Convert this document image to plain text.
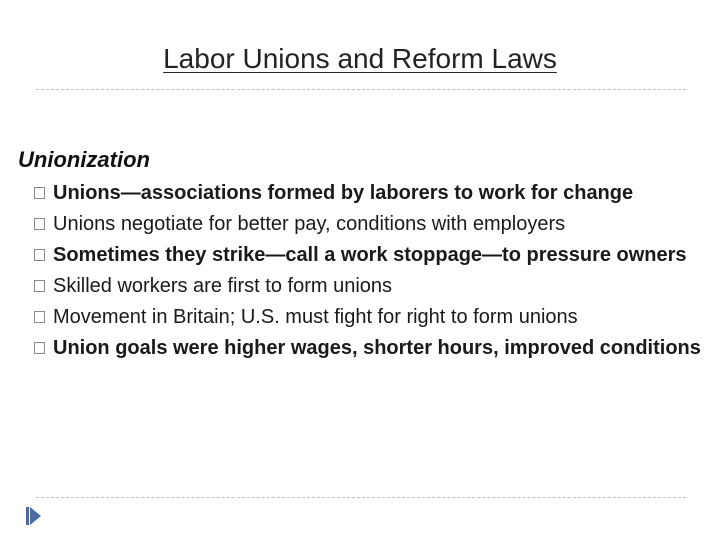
Labor Unions and Reform Laws
Unionization
Unions—associations formed by laborers to work for change
Unions negotiate for better pay, conditions with employers
Sometimes they strike—call a work stoppage—to pressure owners
Skilled workers are first to form unions
Movement in Britain; U.S. must fight for right to form unions
Union goals were higher wages, shorter hours, improved conditions
